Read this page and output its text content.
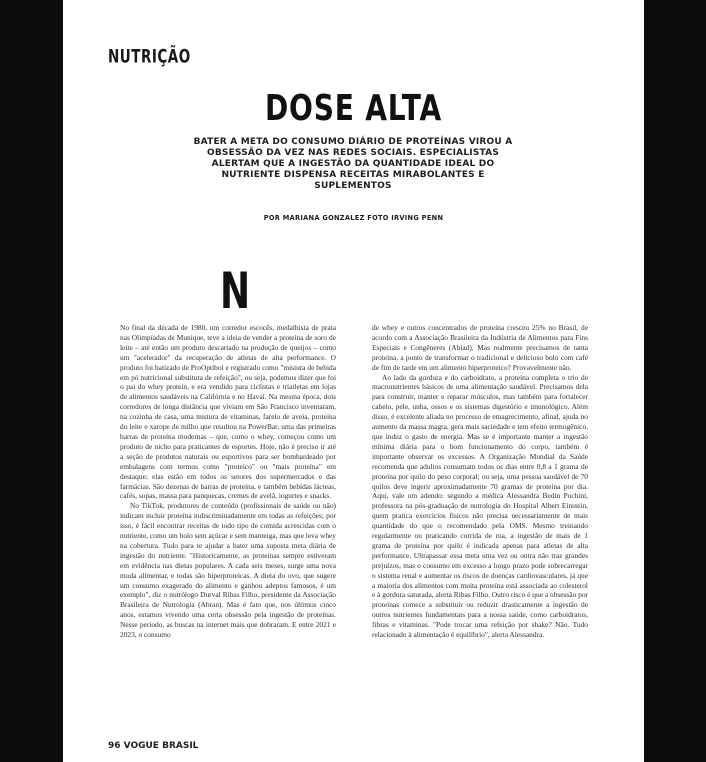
NUTRIÇÃO
DOSE ALTA
BATER A META DO CONSUMO DIÁRIO DE PROTEÍNAS VIROU A OBSESSÃO DA VEZ NAS REDES SOCIAIS. ESPECIALISTAS ALERTAM QUE A INGESTÃO DA QUANTIDADE IDEAL DO NUTRIENTE DISPENSA RECEITAS MIRABOLANTES E SUPLEMENTOS
POR MARIANA GONZALEZ FOTO IRVING PENN
N

No final da década de 1980, um corredor escocês, medalhista de prata nas Olimpíadas de Munique, teve a ideia de vender a proteína de soro de leite – até então um produto descartado na produção de queijos – como um "acelerador" da recuperação de atletas de alta performance. O produto foi batizado de ProOptibol e registrado como "mistura de bebida em pó nutricional substituta de refeição", ou seja, podemos dizer que foi o pai do whey protein, e era vendido para ciclistas e triatletas em lojas de alimentos saudáveis na Califórnia e no Havaí. Na mesma época, dois corredores de longa distância que viviam em São Francisco inventaram, na cozinha de casa, uma mistura de vitaminas, farelo de aveia, proteína do leite e xarope de milho que resultou na PowerBar, uma das primeiras barras de proteína modernas – que, como o whey, começou como um produto de nicho para praticantes de esportes. Hoje, não é preciso ir até a seção de produtos naturais ou esportivos para ser bombardeado por embalagens com termos como "proteico" ou "mais proteína" em destaque; elas estão em todos os setores dos supermercados e das farmácias. São dezenas de barras de proteína, e também bebidas lácteas, cafés, sopas, massa para panquecas, cremes de avelã, iogurtes e snacks.

No TikTok, produtores de conteúdo (profissionais de saúde ou não) indicam incluir proteína indiscriminadamente em todas as refeições; por isso, é fácil encontrar receitas de todo tipo de comida acrescidas com o nutriente, como um bolo sem açúcar e sem manteiga, mas que leva whey na cobertura. Tudo para te ajudar a bater uma suposta meta diária de ingestão do nutriente. "Historicamente, as proteínas sempre estiveram em evidência nas dietas populares. A cada seis meses, surge uma nova moda alimentar, e todas são hiperproteicas. A dieta do ovo, que sugere um consumo exagerado do alimento e ganhou adeptos famosos, é um exemplo", diz o nutrólogo Durval Ribas Filho, presidente da Associação Brasileira de Nutrologia (Abran). Mas é fato que, nos últimos cinco anos, estamos vivendo uma certa obsessão pela ingestão de proteínas. Nesse período, as buscas na internet mais que dobraram. E entre 2021 e 2023, o consumo

de whey e outros concentrados de proteína cresceu 25% no Brasil, de acordo com a Associação Brasileira da Indústria de Alimentos para Fins Especiais e Congêneres (Abiad). Mas realmente precisamos de tanta proteína, a ponto de transformar o tradicional e delicioso bolo com café de fim de tarde em um alimento hiperproteico? Provavelmente não.

Ao lado da gordura e do carboidrato, a proteína completa o trio de macronutrientes básicos de uma alimentação saudável. Precisamos dela para construir, manter e reparar músculos, mas também para fortalecer cabelo, pele, unha, ossos e os sistemas digestório e imunológico. Além disso, é excelente aliada no processo de emagrecimento, afinal, ajuda no aumento da massa magra, gera mais saciedade e tem efeito termogênico, que induz o gasto de energia. Mas se é importante manter a ingestão mínima diária para o bom funcionamento do corpo, também é importante observar os excessos. A Organização Mundial da Saúde recomenda que adultos consumam todos os dias entre 0,8 a 1 grama de proteína por quilo do peso corporal; ou seja, uma pessoa saudável de 70 quilos deve ingerir aproximadamente 70 gramas de proteína por dia. Aqui, vale um adendo: segundo a médica Alessandra Bedin Pochini, professora na pós-graduação de nutrologia do Hospital Albert Einstein, quem pratica exercícios físicos não precisa necessariamente de mais quantidade do que o recomendado pela OMS. Mesmo treinando regularmente ou praticando corrida de rua, a ingestão de mais de 1 grama de proteína por quilo é indicada apenas para atletas de alta performance. Ultrapassar essa meta uma vez ou outra não traz grandes prejuízos, mas o consumo em excesso a longo prazo pode sobrecarregar o sistema renal e aumentar os riscos de doenças cardiovasculares, já que a maioria dos alimentos com muita proteína está associada ao colesterol e à gordura saturada, alerta Ribas Filho. Outro risco é que a obsessão por proteínas comece a substituir ou reduzir drasticamente a ingestão de outros nutrientes fundamentais para a nossa saúde, como carboidratos, fibras e vitaminas. "Pode trocar uma refeição por shake? Não. Tudo relacionado à alimentação é equilíbrio", alerta Alessandra.

96 VOGUE BRASIL
